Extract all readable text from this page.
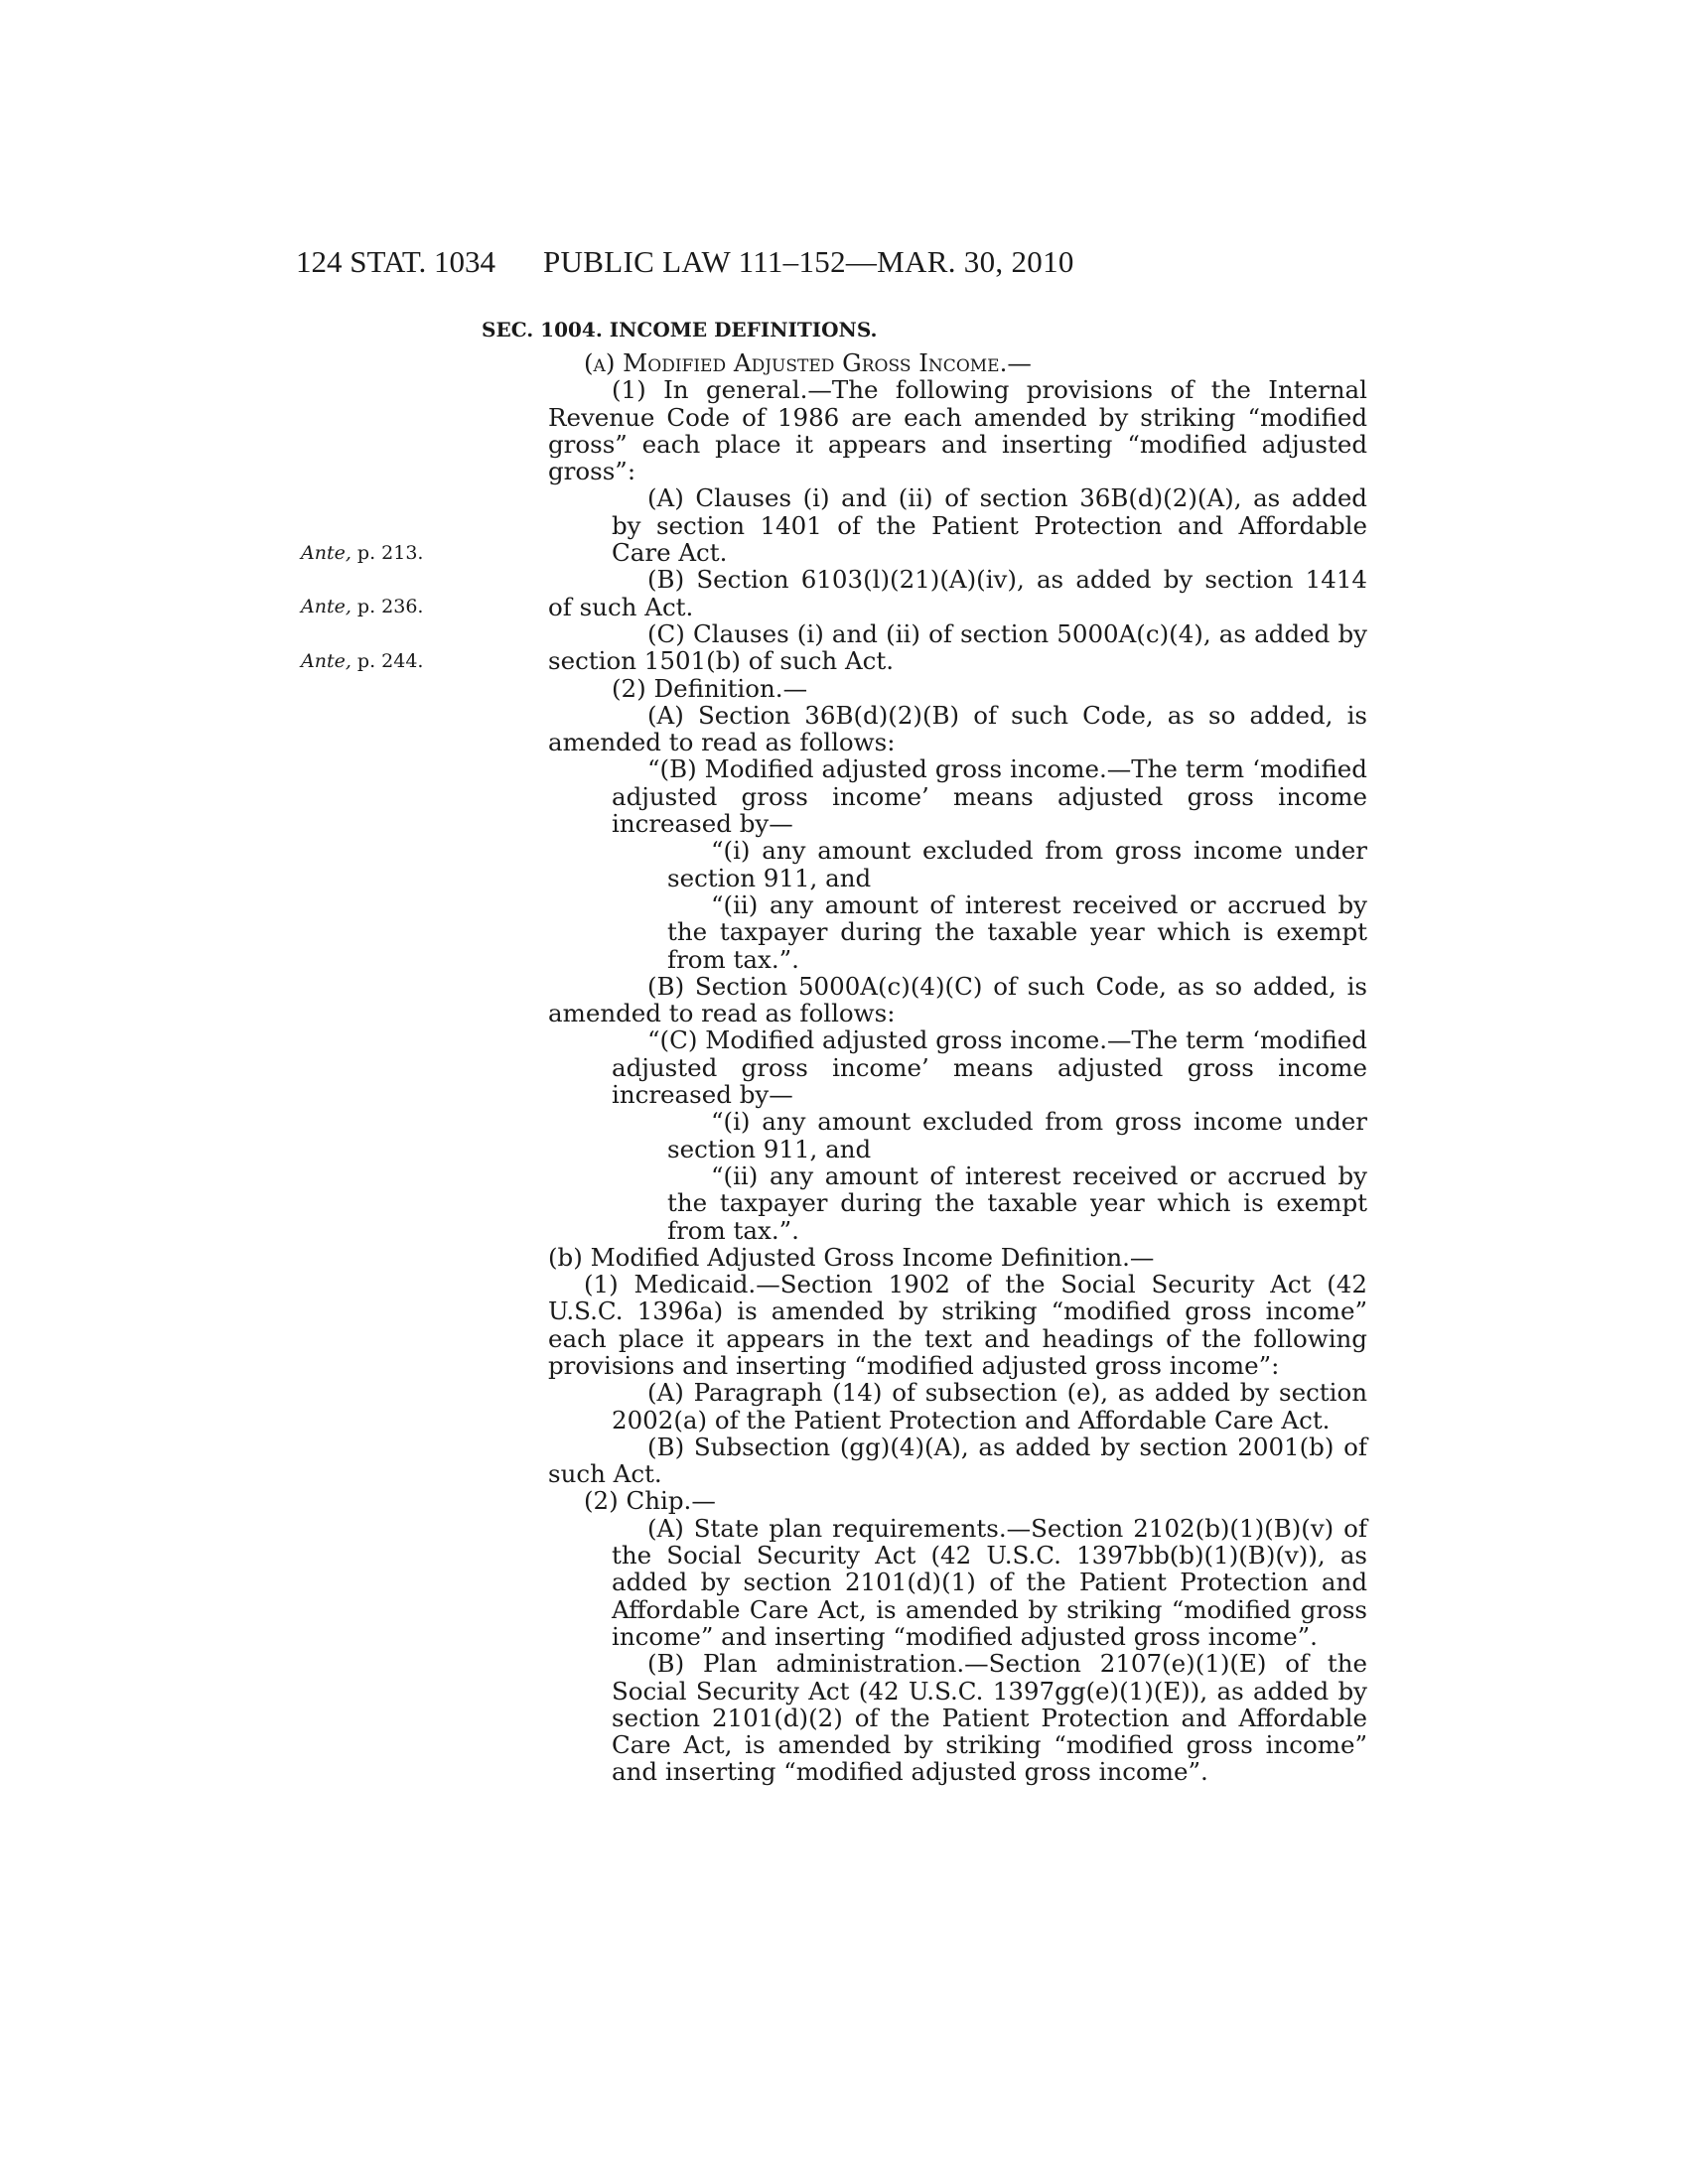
124 STAT. 1034 PUBLIC LAW 111–152—MAR. 30, 2010
SEC. 1004. INCOME DEFINITIONS.
Ante, p. 213.
Ante, p. 236.
Ante, p. 244.

(a) Modified Adjusted Gross Income.—

(1) In general.—The following provisions of the Internal Revenue Code of 1986 are each amended by striking “modified gross” each place it appears and inserting “modified adjusted gross”:

(A) Clauses (i) and (ii) of section 36B(d)(2)(A), as added by section 1401 of the Patient Protection and Affordable Care Act.

(B) Section 6103(l)(21)(A)(iv), as added by section 1414 of such Act.

(C) Clauses (i) and (ii) of section 5000A(c)(4), as added by section 1501(b) of such Act.

(2) Definition.—

(A) Section 36B(d)(2)(B) of such Code, as so added, is amended to read as follows:

“(B) Modified adjusted gross income.—The term ‘modified adjusted gross income’ means adjusted gross income increased by—

“(i) any amount excluded from gross income under section 911, and

“(ii) any amount of interest received or accrued by the taxpayer during the taxable year which is exempt from tax.”.

(B) Section 5000A(c)(4)(C) of such Code, as so added, is amended to read as follows:

“(C) Modified adjusted gross income.—The term ‘modified adjusted gross income’ means adjusted gross income increased by—

“(i) any amount excluded from gross income under section 911, and

“(ii) any amount of interest received or accrued by the taxpayer during the taxable year which is exempt from tax.”.

(b) Modified Adjusted Gross Income Definition.—

(1) Medicaid.—Section 1902 of the Social Security Act (42 U.S.C. 1396a) is amended by striking “modified gross income” each place it appears in the text and headings of the following provisions and inserting “modified adjusted gross income”:

(A) Paragraph (14) of subsection (e), as added by section 2002(a) of the Patient Protection and Affordable Care Act.

(B) Subsection (gg)(4)(A), as added by section 2001(b) of such Act.

(2) Chip.—

(A) State plan requirements.—Section 2102(b)(1)(B)(v) of the Social Security Act (42 U.S.C. 1397bb(b)(1)(B)(v)), as added by section 2101(d)(1) of the Patient Protection and Affordable Care Act, is amended by striking “modified gross income” and inserting “modified adjusted gross income”.

(B) Plan administration.—Section 2107(e)(1)(E) of the Social Security Act (42 U.S.C. 1397gg(e)(1)(E)), as added by section 2101(d)(2) of the Patient Protection and Affordable Care Act, is amended by striking “modified gross income” and inserting “modified adjusted gross income”.
